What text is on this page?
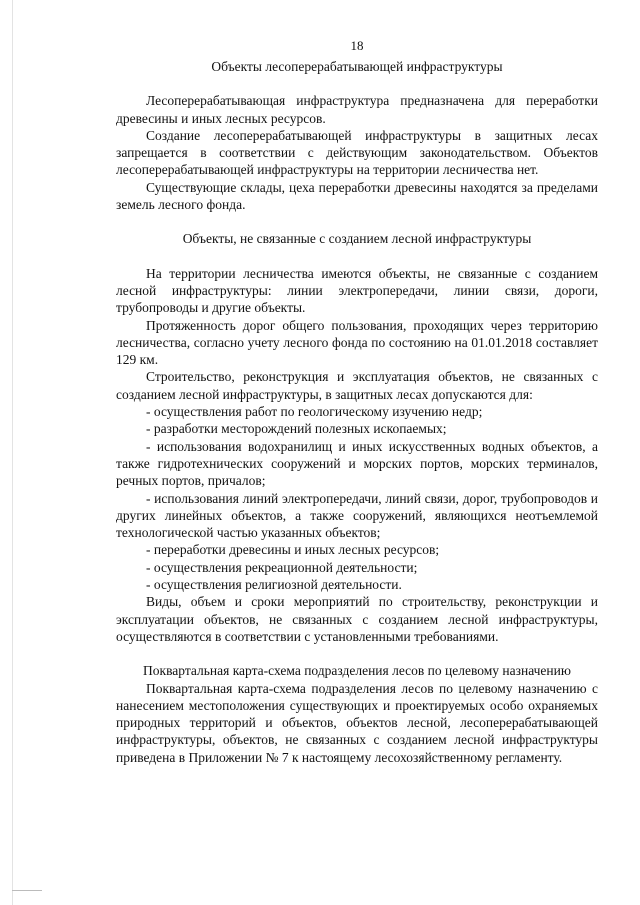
18
Объекты лесоперерабатывающей инфраструктуры

Лесоперерабатывающая инфраструктура предназначена для переработки древесины и иных лесных ресурсов.

Создание лесоперерабатывающей инфраструктуры в защитных лесах запрещается в соответствии с действующим законодательством. Объектов лесоперерабатывающей инфраструктуры на территории лесничества нет.

Существующие склады, цеха переработки древесины находятся за пределами земель лесного фонда.

Объекты, не связанные с созданием лесной инфраструктуры

На территории лесничества имеются объекты, не связанные с созданием лесной инфраструктуры: линии электропередачи, линии связи, дороги, трубопроводы и другие объекты.

Протяженность дорог общего пользования, проходящих через территорию лесничества, согласно учету лесного фонда по состоянию на 01.01.2018 составляет 129 км.

Строительство, реконструкция и эксплуатация объектов, не связанных с созданием лесной инфраструктуры, в защитных лесах допускаются для:

- осуществления работ по геологическому изучению недр;

- разработки месторождений полезных ископаемых;

- использования водохранилищ и иных искусственных водных объектов, а также гидротехнических сооружений и морских портов, морских терминалов, речных портов, причалов;

- использования линий электропередачи, линий связи, дорог, трубопроводов и других линейных объектов, а также сооружений, являющихся неотъемлемой технологической частью указанных объектов;

- переработки древесины и иных лесных ресурсов;

- осуществления рекреационной деятельности;

- осуществления религиозной деятельности.

Виды, объем и сроки мероприятий по строительству, реконструкции и эксплуатации объектов, не связанных с созданием лесной инфраструктуры, осуществляются в соответствии с установленными требованиями.

Поквартальная карта-схема подразделения лесов по целевому назначению

Поквартальная карта-схема подразделения лесов по целевому назначению с нанесением местоположения существующих и проектируемых особо охраняемых природных территорий и объектов, объектов лесной, лесоперерабатывающей инфраструктуры, объектов, не связанных с созданием лесной инфраструктуры приведена в Приложении № 7 к настоящему лесохозяйственному регламенту.
